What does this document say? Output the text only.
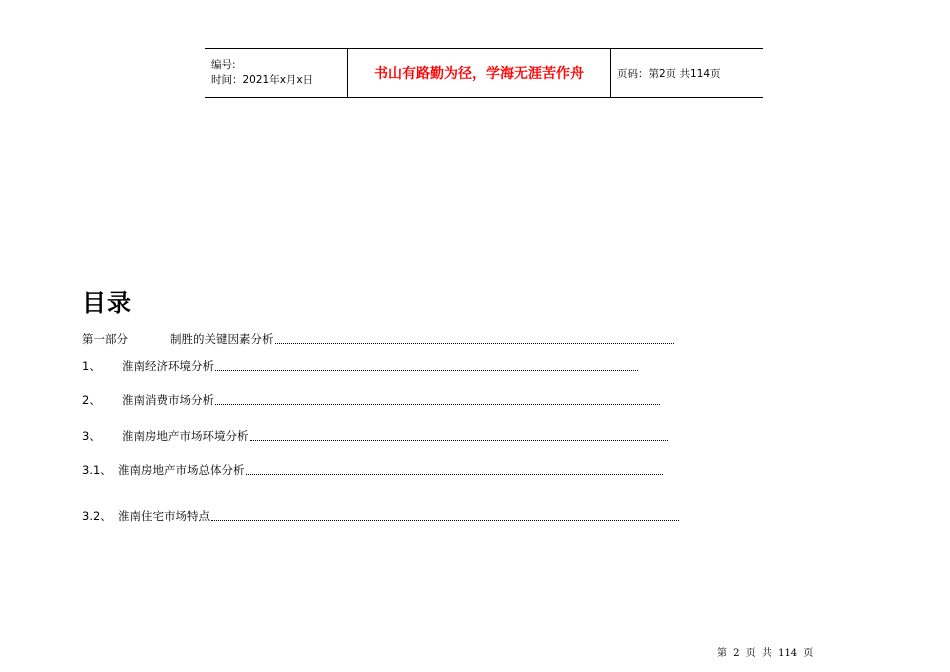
编号:
时间：2021年x月x日	书山有路勤为径，学海无涯苦作舟	页码：第2页 共114页
目录
第一部分	制胜的关键因素分析
1、	淮南经济环境分析
2、	淮南消费市场分析
3、	淮南房地产市场环境分析
3.1、 淮南房地产市场总体分析
3.2、 淮南住宅市场特点
第 2 页 共 114 页
